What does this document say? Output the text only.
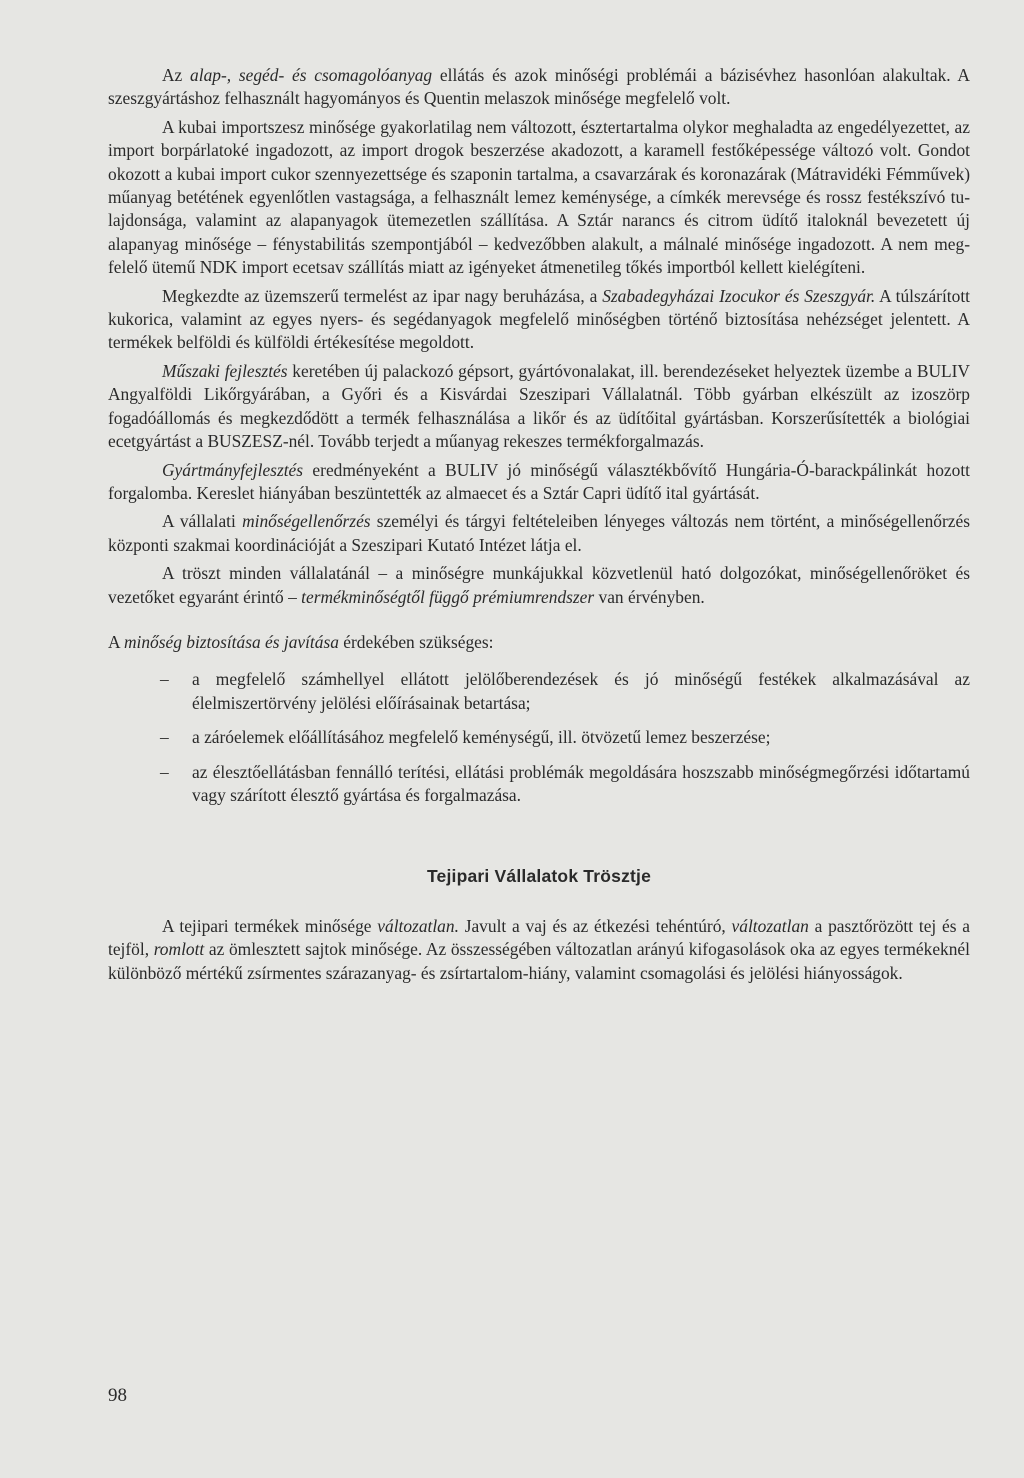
Az alap-, segéd- és csomagolóanyag ellátás és azok minőségi problémái a bázisévhez hasonlóan alakultak. A szeszgyártáshoz felhasznált hagyományos és Quentin melaszok minősége megfelelő volt.

A kubai importszesz minősége gyakorlatilag nem változott, észtertartalma olykor meghaladta az engedélyezettet, az import borpárlatoké ingadozott, az import drogok beszerzése akadozott, a karamell festőképessége változó volt. Gondot okozott a kubai import cukor szennyezettsége és szaponin tartalma, a csavarzárak és koronazárak (Mátravidéki Fémművek) műanyag betétének egyenlőtlen vastagsága, a felhasznált lemez keménysége, a címkék merevsége és rossz festékszívó tulajdonsága, valamint az alapanyagok ütemezetlen szállítása. A Sztár narancs és citrom üdítő italoknál bevezetett új alapanyag minősége – fénystabilitás szempontjából – kedvezőbben alakult, a málnalé minősége ingadozott. A nem megfelelő ütemű NDK import ecetsav szállítás miatt az igényeket átmenetileg tőkés importból kellett kielégíteni.

Megkezdte az üzemszerű termelést az ipar nagy beruházása, a Szabadegyházai Izocukor és Szeszgyár. A túlszárított kukorica, valamint az egyes nyers- és segédanyagok megfelelő minőségben történő biztosítása nehézséget jelentett. A termékek belföldi és külföldi értékesítése megoldott.

Műszaki fejlesztés keretében új palackozó gépsort, gyártóvonalakat, ill. berendezéseket helyeztek üzembe a BULIV Angyalföldi Likőrgyárában, a Győri és a Kisvárdai Szeszipari Vállalatnál. Több gyárban elkészült az izoszörp fogadóállomás és megkezdődött a termék felhasználása a likőr és az üdítőital gyártásban. Korszerűsítették a biológiai ecetgyártást a BUSZESZ-nél. Tovább terjedt a műanyag rekeszes termékforgalmazás.

Gyártmányfejlesztés eredményeként a BULIV jó minőségű választékbővítő Hungária-Ó-barackpálinkát hozott forgalomba. Kereslet hiányában beszüntették az almaecet és a Sztár Capri üdítő ital gyártását.

A vállalati minőségellenőrzés személyi és tárgyi feltételeiben lényeges változás nem történt, a minőségellenőrzés központi szakmai koordinációját a Szeszipari Kutató Intézet látja el.

A tröszt minden vállalatánál – a minőségre munkájukkal közvetlenül ható dolgozókat, minőségellenőröket és vezetőket egyaránt érintő – termékminőségtől függő prémiumrendszer van érvényben.

A minőség biztosítása és javítása érdekében szükséges:

– a megfelelő számhellyel ellátott jelölőberendezések és jó minőségű festékek alkalmazásával az élelmiszertörvény jelölési előírásainak betartása;
– a záróelemek előállításához megfelelő keménységű, ill. ötvözetű lemez beszerzése;
– az élesztőellátásban fennálló terítési, ellátási problémák megoldására hoszszabb minőségmegőrzési időtartamú vagy szárított élesztő gyártása és forgalmazása.
Tejipari Vállalatok Trösztje

A tejipari termékek minősége változatlan. Javult a vaj és az étkezési tehéntúró, változatlan a pasztőrözött tej és a tejföl, romlott az ömlesztett sajtok minősége. Az összességében változatlan arányú kifogasolások oka az egyes termékeknél különböző mértékű zsírmentes szárazanyag- és zsírtartalom-hiány, valamint csomagolási és jelölési hiányosságok.

98
